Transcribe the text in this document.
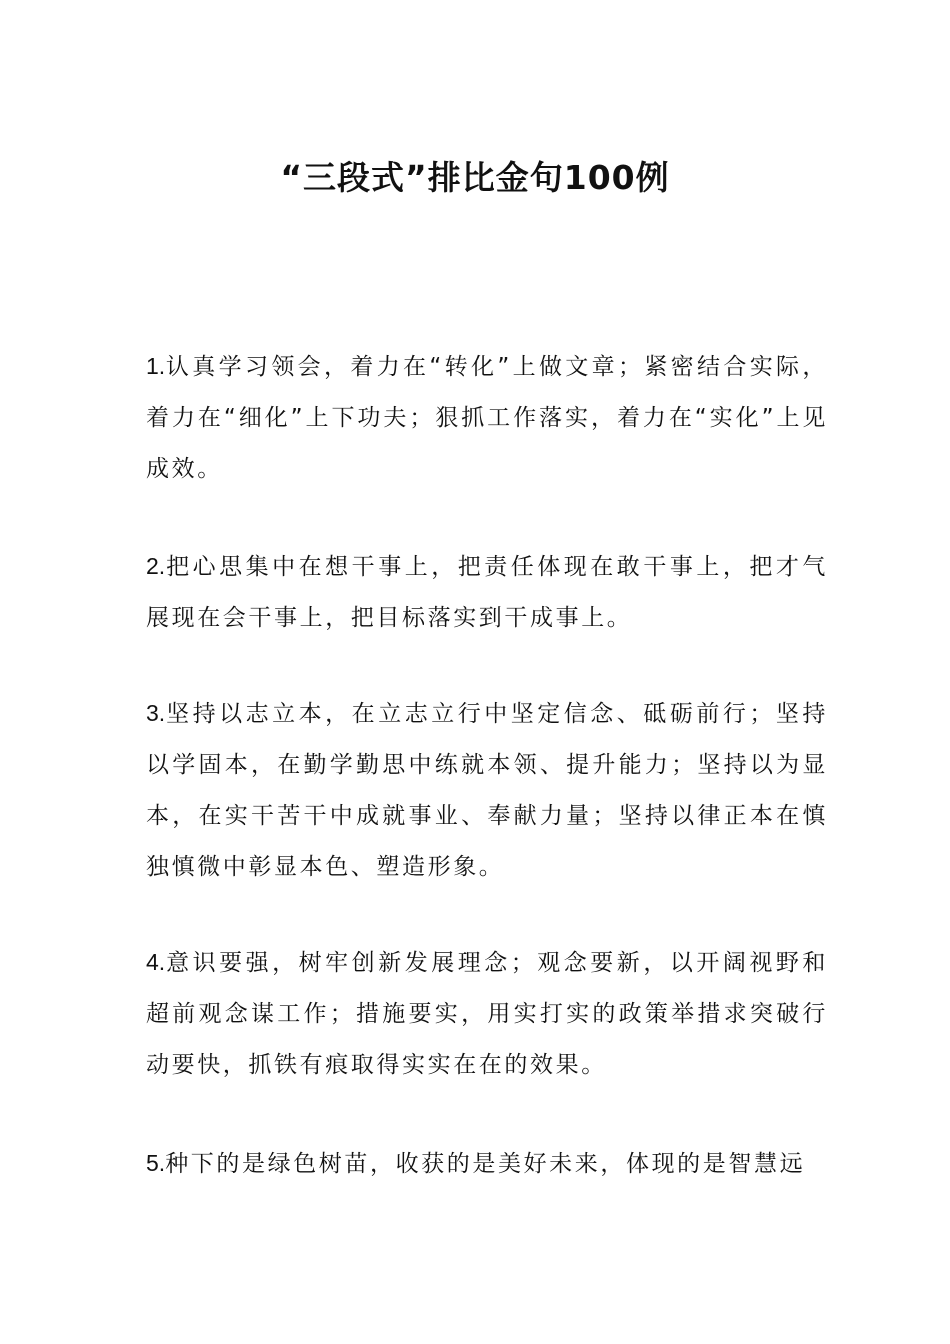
“三段式”排比金句100例

1.认真学习领会，着力在“转化”上做文章；紧密结合实际，着力在“细化”上下功夫；狠抓工作落实，着力在“实化”上见成效。

2.把心思集中在想干事上，把责任体现在敢干事上，把才气展现在会干事上，把目标落实到干成事上。

3.坚持以志立本，在立志立行中坚定信念、砥砺前行；坚持以学固本，在勤学勤思中练就本领、提升能力；坚持以为显本，在实干苦干中成就事业、奉献力量；坚持以律正本在慎独慎微中彰显本色、塑造形象。

4.意识要强，树牢创新发展理念；观念要新，以开阔视野和超前观念谋工作；措施要实，用实打实的政策举措求突破行动要快，抓铁有痕取得实实在在的效果。

5.种下的是绿色树苗，收获的是美好未来，体现的是智慧远
